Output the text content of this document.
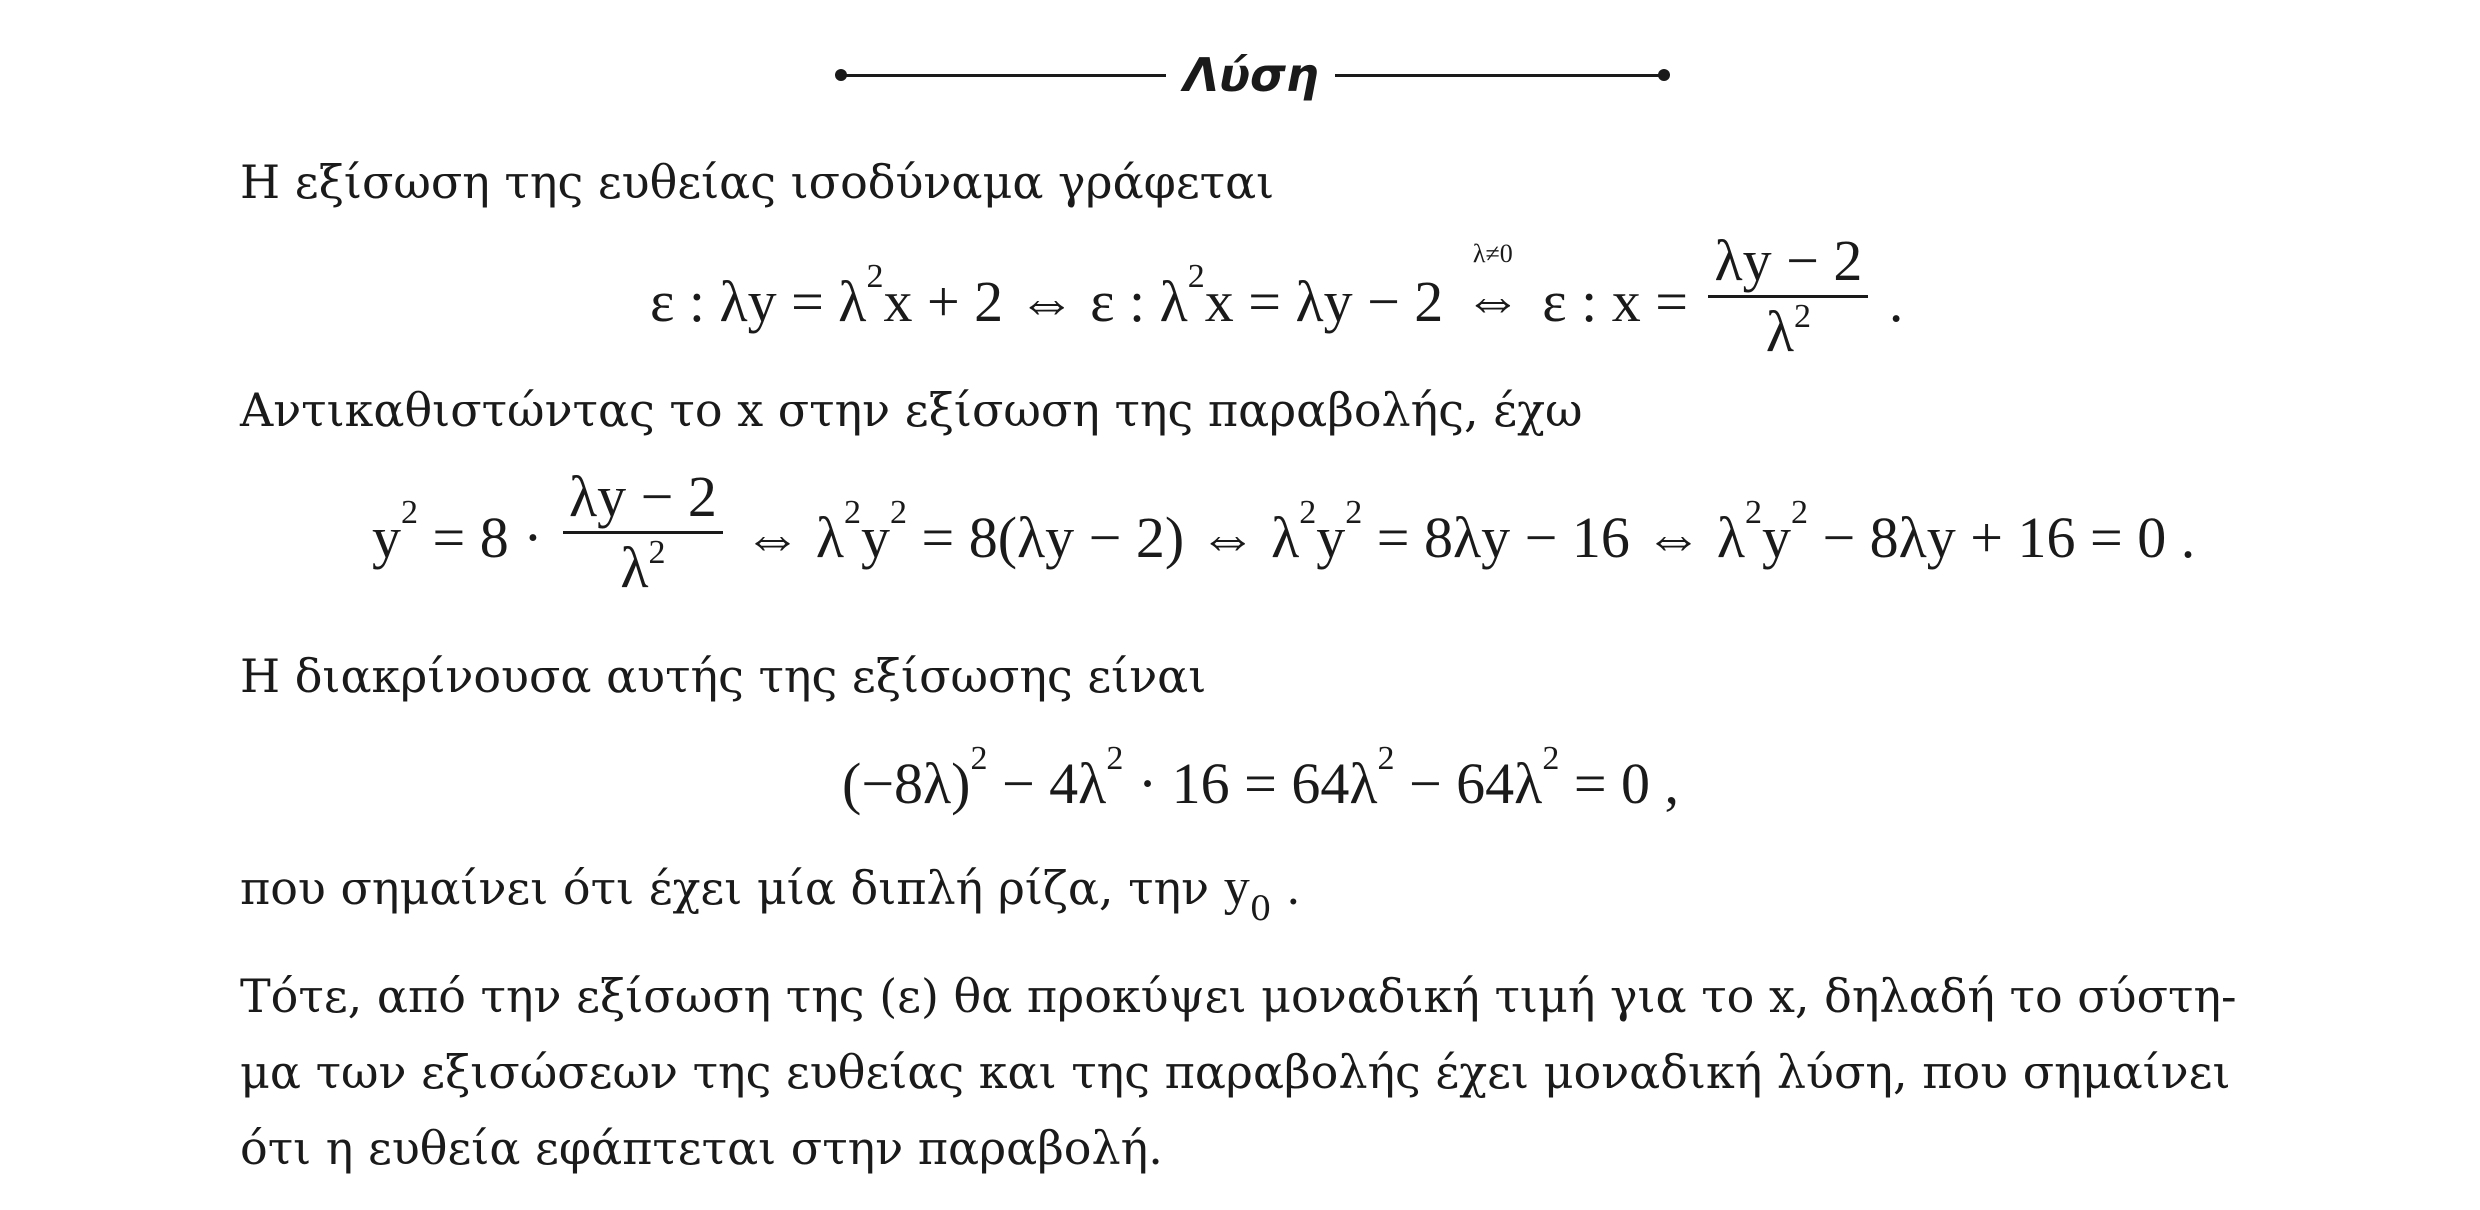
Λύση
Η εξίσωση της ευθείας ισοδύναμα γράφεται
ε : λy = λ 2 x + 2 ⇔ ε : λ 2 x = λy − 2
λ≠0
⇔ ε : $x = \frac{\lambda y - 2}{\lambda^2}$ .
Αντικαθιστώντας το x στην εξίσωση της παραβολής, έχω
y $2 = 8 \cdot \frac{\lambda y - 2}{\lambda^2}$ ⇔ λ 2 y 2 = 8(λy − 2) ⇔ λ 2 y 2 = 8λy − 16 ⇔ λ 2 y 2 − 8λy + 16 = 0 .
Η διακρίνουσα αυτής της εξίσωσης είναι
(−8λ) 2 − 4λ 2 · 16 = 64λ 2 − 64λ 2 = 0 ,
που σημαίνει ότι έχει μία διπλή ρίζα, την $y_0$ .
Τότε, από την εξίσωση της (ε) θα προκύψει μοναδική τιμή για το x, δηλαδή το σύστη-
μα των εξισώσεων της ευθείας και της παραβολής έχει μοναδική λύση, που σημαίνει
ότι η ευθεία εφάπτεται στην παραβολή.
